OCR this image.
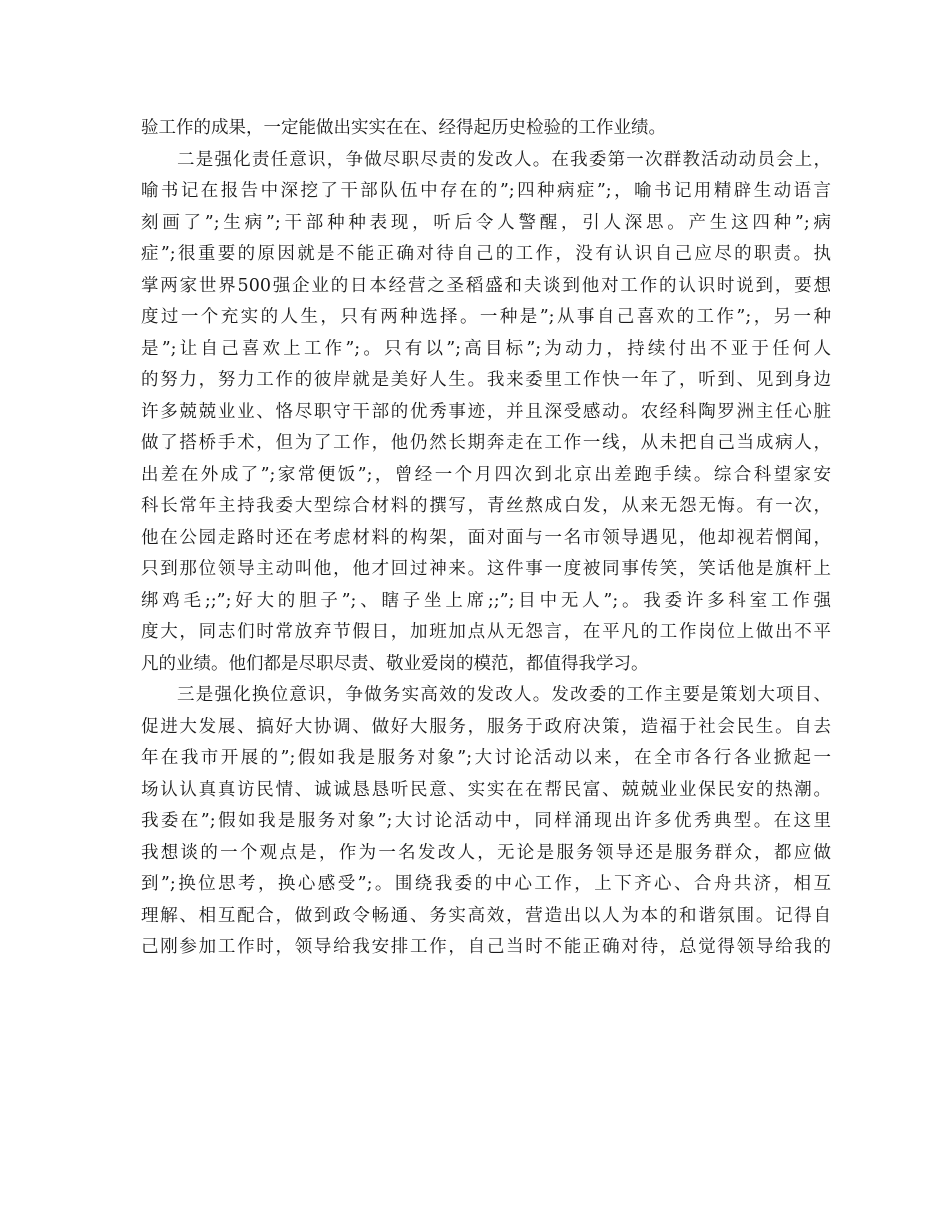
验工作的成果，一定能做出实实在在、经得起历史检验的工作业绩。
二是强化责任意识，争做尽职尽责的发改人。在我委第一次群教活动动员会上，
喻书记在报告中深挖了干部队伍中存在的”;四种病症”;，喻书记用精辟生动语言
刻画了”;生病”;干部种种表现，听后令人警醒，引人深思。产生这四种”;病
症”;很重要的原因就是不能正确对待自己的工作，没有认识自己应尽的职责。执
掌两家世界500强企业的日本经营之圣稻盛和夫谈到他对工作的认识时说到，要想
度过一个充实的人生，只有两种选择。一种是”;从事自己喜欢的工作”;，另一种
是”;让自己喜欢上工作”;。只有以”;高目标”;为动力，持续付出不亚于任何人
的努力，努力工作的彼岸就是美好人生。我来委里工作快一年了，听到、见到身边
许多兢兢业业、恪尽职守干部的优秀事迹，并且深受感动。农经科陶罗洲主任心脏
做了搭桥手术，但为了工作，他仍然长期奔走在工作一线，从未把自己当成病人，
出差在外成了”;家常便饭”;，曾经一个月四次到北京出差跑手续。综合科望家安
科长常年主持我委大型综合材料的撰写，青丝熬成白发，从来无怨无悔。有一次，
他在公园走路时还在考虑材料的构架，面对面与一名市领导遇见，他却视若惘闻，
只到那位领导主动叫他，他才回过神来。这件事一度被同事传笑，笑话他是旗杆上
绑鸡毛;;”;好大的胆子”;、瞎子坐上席;;”;目中无人”;。我委许多科室工作强
度大，同志们时常放弃节假日，加班加点从无怨言，在平凡的工作岗位上做出不平
凡的业绩。他们都是尽职尽责、敬业爱岗的模范，都值得我学习。
三是强化换位意识，争做务实高效的发改人。发改委的工作主要是策划大项目、
促进大发展、搞好大协调、做好大服务，服务于政府决策，造福于社会民生。自去
年在我市开展的”;假如我是服务对象”;大讨论活动以来，在全市各行各业掀起一
场认认真真访民情、诚诚恳恳听民意、实实在在帮民富、兢兢业业保民安的热潮。
我委在”;假如我是服务对象”;大讨论活动中，同样涌现出许多优秀典型。在这里
我想谈的一个观点是，作为一名发改人，无论是服务领导还是服务群众，都应做
到”;换位思考，换心感受”;。围绕我委的中心工作，上下齐心、合舟共济，相互
理解、相互配合，做到政令畅通、务实高效，营造出以人为本的和谐氛围。记得自
己刚参加工作时，领导给我安排工作，自己当时不能正确对待，总觉得领导给我的
